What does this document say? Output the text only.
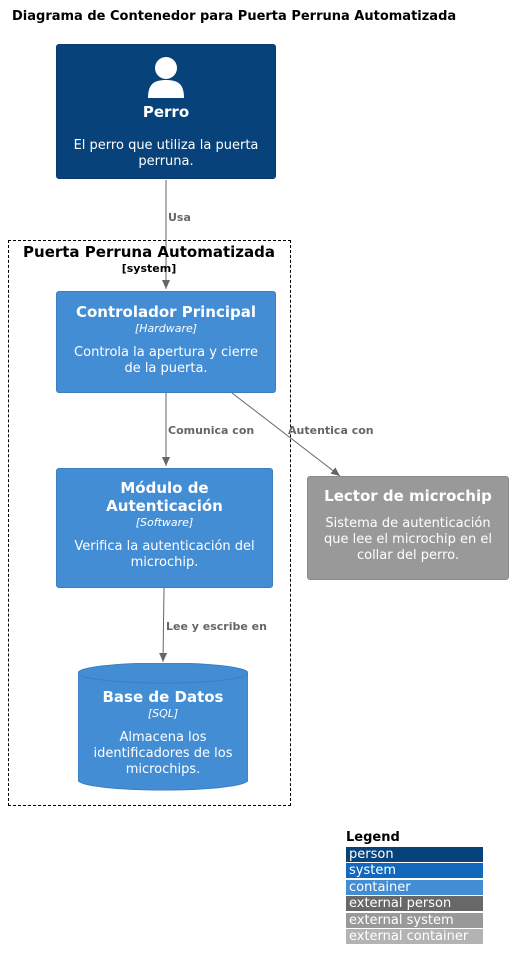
Diagrama de Contenedor para Puerta Perruna Automatizada
Perro
El perro que utiliza la puerta perruna.
Puerta Perruna Automatizada
[system]
Controlador Principal
[Hardware]
Controla la apertura y cierre de la puerta.
Módulo de Autenticación
[Software]
Verifica la autenticación del microchip.
Base de Datos
[SQL]
Almacena los identificadores de los microchips.
Lector de microchip
Sistema de autenticación que lee el microchip en el collar del perro.
Usa
Comunica con	Autentica con
Lee y escribe en
Legend
person
system
container
external person
external system
external container
